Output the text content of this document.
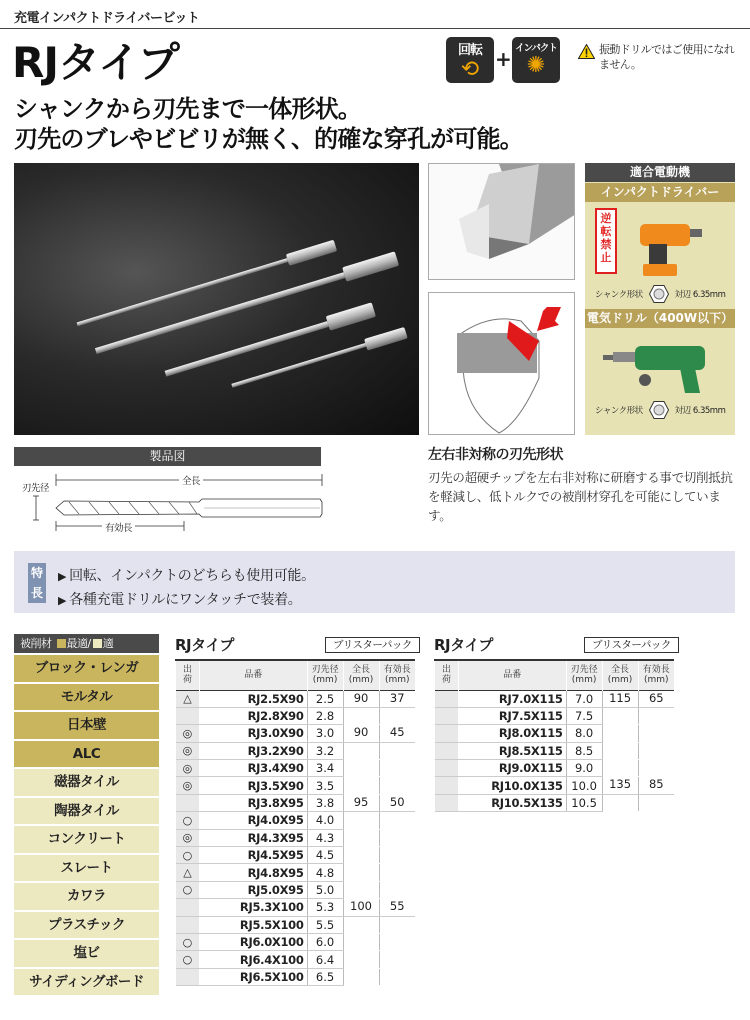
充電インパクトドライバービット
RJタイプ	回転
⟲ + インパクト
✺
振動ドリルではご使用になれません。
シャンクから刃先まで一体形状。
刃先のブレやビビリが無く、的確な穿孔が可能。
適合電動機
インパクトドライバー
逆転禁止
シャンク形状	対辺 6.35mm
電気ドリル（400W以下）
シャンク形状	対辺 6.35mm
製品図
全長
刃先径
有効長
左右非対称の刃先形状
刃先の超硬チップを左右非対称に研磨する事で切削抵抗を軽減し、低トルクでの被削材穿孔を可能にしています。
特長
▶ 回転、インパクトのどちらも使用可能。
▶ 各種充電ドリルにワンタッチで装着。
被削材 最適/ 適
ブロック・レンガ
モルタル
日本壁
ALC
磁器タイル
陶器タイル
コンクリート
スレート
カワラ
プラスチック
塩ビ
サイディングボード
RJタイプ	ブリスターパック
出荷	品番	刃先径(mm)	全長(mm)	有効長(mm)
△	RJ2.5X90	2.5	90	37
	RJ2.8X90	2.8		
◎	RJ3.0X90	3.0	90	45
◎	RJ3.2X90	3.2		
◎	RJ3.4X90	3.4		
◎	RJ3.5X90	3.5		
	RJ3.8X95	3.8	95	50
○	RJ4.0X95	4.0		
◎	RJ4.3X95	4.3		
○	RJ4.5X95	4.5		
△	RJ4.8X95	4.8		
○	RJ5.0X95	5.0		
	RJ5.3X100	5.3	100	55
	RJ5.5X100	5.5		
○	RJ6.0X100	6.0		
○	RJ6.4X100	6.4		
	RJ6.5X100	6.5		
RJタイプ	ブリスターパック
出荷	品番	刃先径(mm)	全長(mm)	有効長(mm)
	RJ7.0X115	7.0	115	65
	RJ7.5X115	7.5		
	RJ8.0X115	8.0		
	RJ8.5X115	8.5		
	RJ9.0X115	9.0		
	RJ10.0X135	10.0	135	85
	RJ10.5X135	10.5		
